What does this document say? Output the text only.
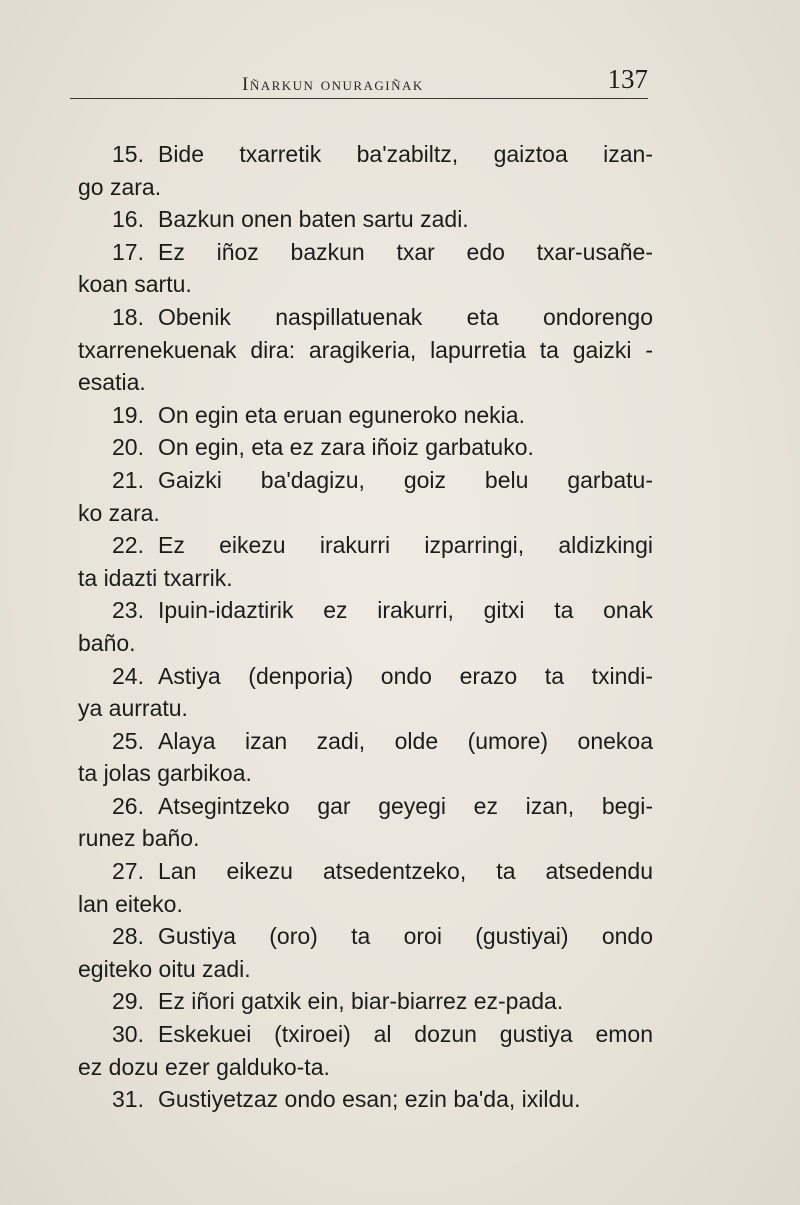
Iñarkun onuragiñak	137

15. Bide txarretik ba'zabiltz, gaiztoa izan-
go zara.

16. Bazkun onen baten sartu zadi.

17. Ez iñoz bazkun txar edo txar-usañe-
koan sartu.

18. Obenik naspillatuenak eta ondorengo
txarrenekuenak dira: aragikeria, lapurretia ta gaizki - esatia.

19. On egin eta eruan eguneroko nekia.

20. On egin, eta ez zara iñoiz garbatuko.

21. Gaizki ba'dagizu, goiz belu garbatu-
ko zara.

22. Ez eikezu irakurri izparringi, aldizkingi
ta idazti txarrik.

23. Ipuin-idaztirik ez irakurri, gitxi ta onak
baño.

24. Astiya (denporia) ondo erazo ta txindi-
ya aurratu.

25. Alaya izan zadi, olde (umore) onekoa
ta jolas garbikoa.

26. Atsegintzeko gar geyegi ez izan, begi-
runez baño.

27. Lan eikezu atsedentzeko, ta atsedendu
lan eiteko.

28. Gustiya (oro) ta oroi (gustiyai) ondo
egiteko oitu zadi.

29. Ez iñori gatxik ein, biar-biarrez ez-pada.

30. Eskekuei (txiroei) al dozun gustiya emon
ez dozu ezer galduko-ta.

31. Gustiyetzaz ondo esan; ezin ba'da, ixildu.
